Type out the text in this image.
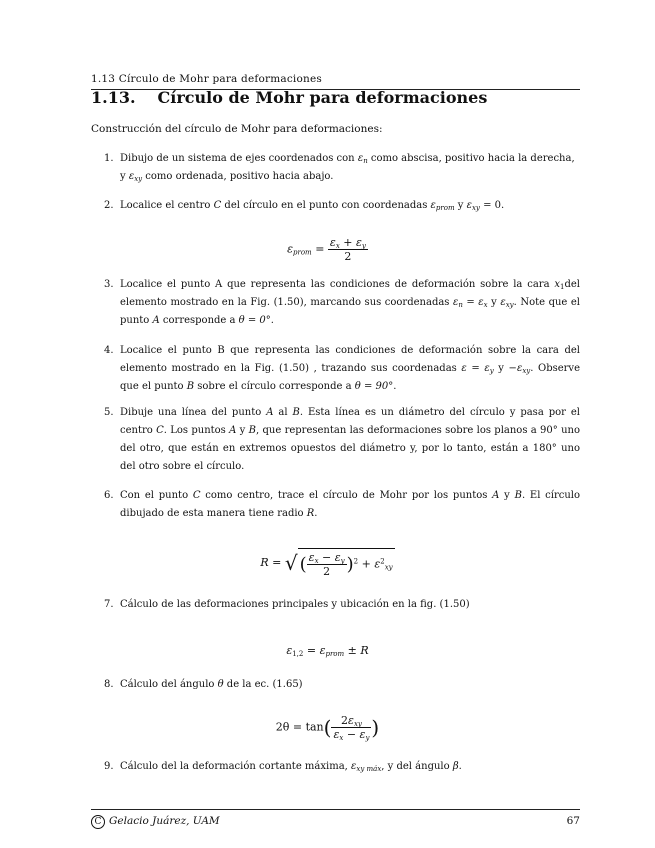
1.13 Círculo de Mohr para deformaciones
1.13. Círculo de Mohr para deformaciones
Construcción del círculo de Mohr para deformaciones:
1. Dibujo de un sistema de ejes coordenados con $\varepsilon_n$ como abscisa, positivo hacia la derecha,
y $\varepsilon_{xy}$ como ordenada, positivo hacia abajo.
2. Localice el centro C del círculo en el punto con coordenadas $\varepsilon_{prom}$ y $\varepsilon_{xy} = 0$.
$\varepsilon_{prom} = \frac{\varepsilon_x + \varepsilon_y}{2}$
3. Localice el punto A que representa las condiciones de deformación sobre la cara $x_1del$ elemento mostrado en la Fig. (1.50), marcando sus coordenadas $\varepsilon_n = \varepsilon_x$ y $\varepsilon_{xy}$. Note que el punto A corresponde a θ = 0°.
4. Localice el punto B que representa las condiciones de deformación sobre la cara del elemento mostrado en la Fig. (1.50) , trazando sus coordenadas $\varepsilon = \varepsilon_y$ $y -\varepsilon_{xy}$. Observe que el punto B sobre el círculo corresponde a θ = 90°.
5. Dibuje una línea del punto A al B. Esta línea es un diámetro del círculo y pasa por el centro C. Los puntos A y B, que representan las deformaciones sobre los planos a 90° uno del otro, que están en extremos opuestos del diámetro y, por lo tanto, están a 180° uno del otro sobre el círculo.
6. Con el punto C como centro, trace el círculo de Mohr por los puntos A y B. El círculo dibujado de esta manera tiene radio R.
R = √ ( $\frac{\varepsilon_x - \varepsilon_y}{2} )^2 + \varepsilon^2_{xy}$
7. Cálculo de las deformaciones principales y ubicación en la fig. (1.50)
$\varepsilon_{1,2} = \varepsilon_{prom} \pm R$
8. Cálculo del ángulo θ de la ec. (1.65)
$2\theta = \tan( \frac{2\varepsilon_{xy}}{\varepsilon_x - \varepsilon_y}$ )
9. Cálculo del la deformación cortante máxima, $\varepsilon_{xy máx}$, y del ángulo β.
C Gelacio Juárez, UAM	67
